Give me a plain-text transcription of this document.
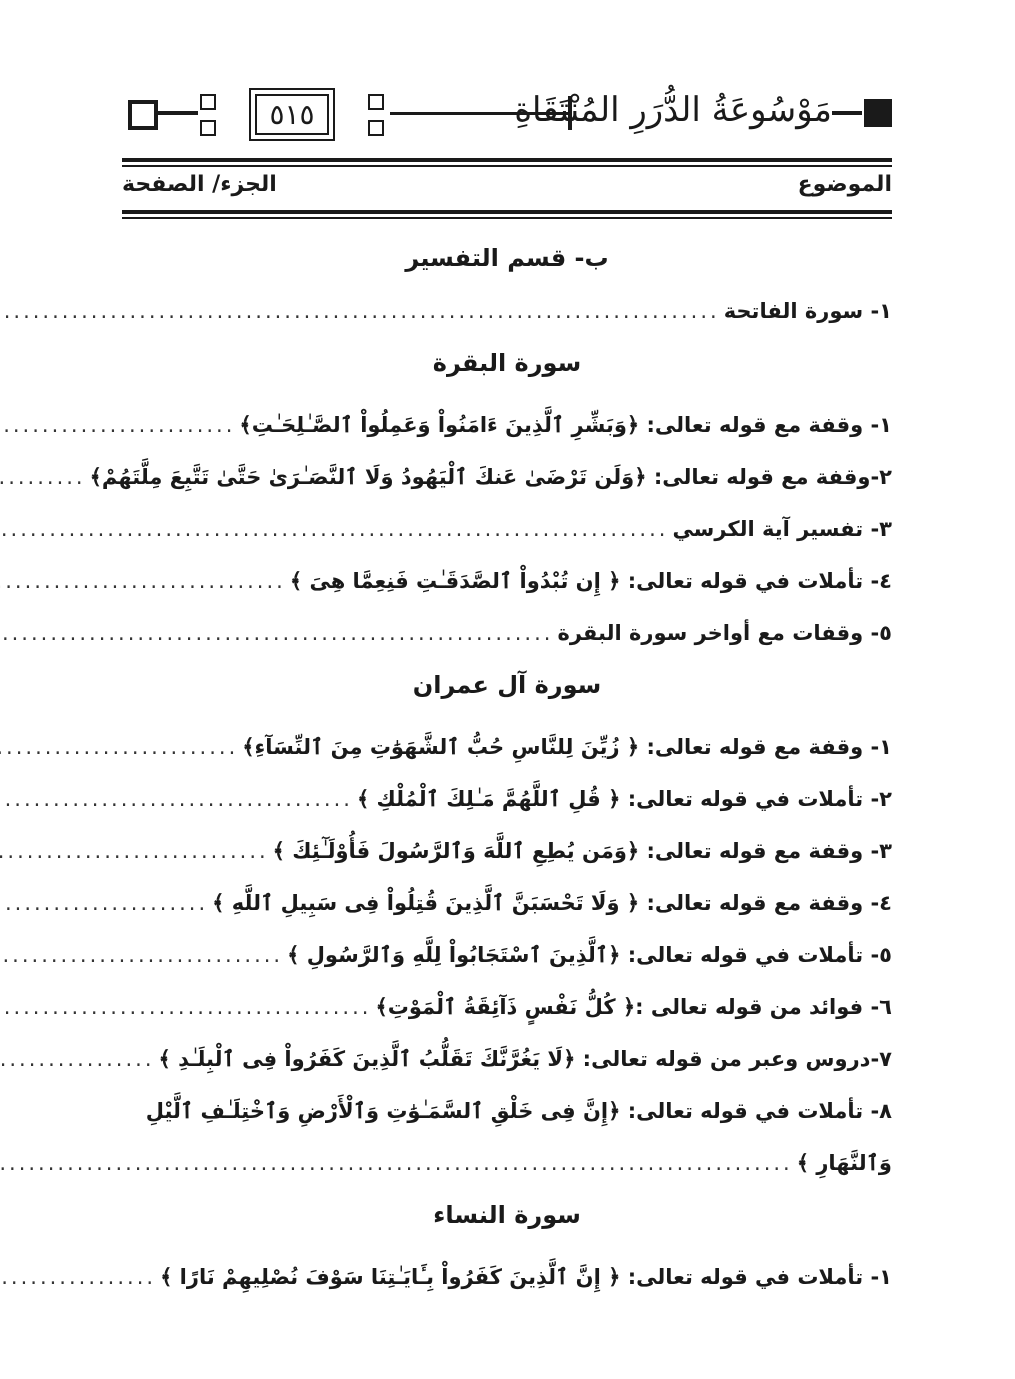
٥١٥	مَوْسُوعَةُ الدُّرَرِ المُنْتَقَاةِ
الموضوع
الجزء/ الصفحة
ب- قسم التفسير
١- سورة الفاتحة
.....
سورة البقرة
١- وقفة مع قوله تعالى: ﴿وَبَشِّرِ ٱلَّذِينَ ءَامَنُواْ وَعَمِلُواْ ٱلصَّـٰلِحَـٰتِ﴾
.....
٢-وقفة مع قوله تعالى: ﴿وَلَن تَرْضَىٰ عَنكَ ٱلْيَهُودُ وَلَا ٱلنَّصَـٰرَىٰ حَتَّىٰ تَتَّبِعَ مِلَّتَهُمْ﴾
.....
٣- تفسير آية الكرسي
.....
٤- تأملات في قوله تعالى: ﴿ إِن تُبْدُواْ ٱلصَّدَقَـٰتِ فَنِعِمَّا هِىَ ﴾
.....
٥- وقفات مع أواخر سورة البقرة
.....
سورة آل عمران
١- وقفة مع قوله تعالى: ﴿ زُيِّنَ لِلنَّاسِ حُبُّ ٱلشَّهَوَٰتِ مِنَ ٱلنِّسَآءِ﴾
.....
٢- تأملات في قوله تعالى: ﴿ قُلِ ٱللَّهُمَّ مَـٰلِكَ ٱلْمُلْكِ ﴾
.....
٣- وقفة مع قوله تعالى: ﴿وَمَن يُطِعِ ٱللَّهَ وَٱلرَّسُولَ فَأُوْلَـٰٓئِكَ ﴾
.....
٤- وقفة مع قوله تعالى: ﴿ وَلَا تَحْسَبَنَّ ٱلَّذِينَ قُتِلُواْ فِى سَبِيلِ ٱللَّهِ ﴾
.....
٥- تأملات في قوله تعالى: ﴿ٱلَّذِينَ ٱسْتَجَابُواْ لِلَّهِ وَٱلرَّسُولِ ﴾
.....
٦- فوائد من قوله تعالى :﴿ كُلُّ نَفْسٍ ذَآئِقَةُ ٱلْمَوْتِ﴾
.....
٧-دروس وعبر من قوله تعالى: ﴿لَا يَغُرَّنَّكَ تَقَلُّبُ ٱلَّذِينَ كَفَرُواْ فِى ٱلْبِلَـٰدِ ﴾
.....
٨- تأملات في قوله تعالى: ﴿إِنَّ فِى خَلْقِ ٱلسَّمَـٰوَٰتِ وَٱلْأَرْضِ وَٱخْتِلَـٰفِ ٱلَّيْلِ
وَٱلنَّهَارِ ﴾
.....
سورة النساء
١- تأملات في قوله تعالى: ﴿ إِنَّ ٱلَّذِينَ كَفَرُواْ بِـَٔايَـٰتِنَا سَوْفَ نُصْلِيهِمْ نَارًا ﴾
.....
